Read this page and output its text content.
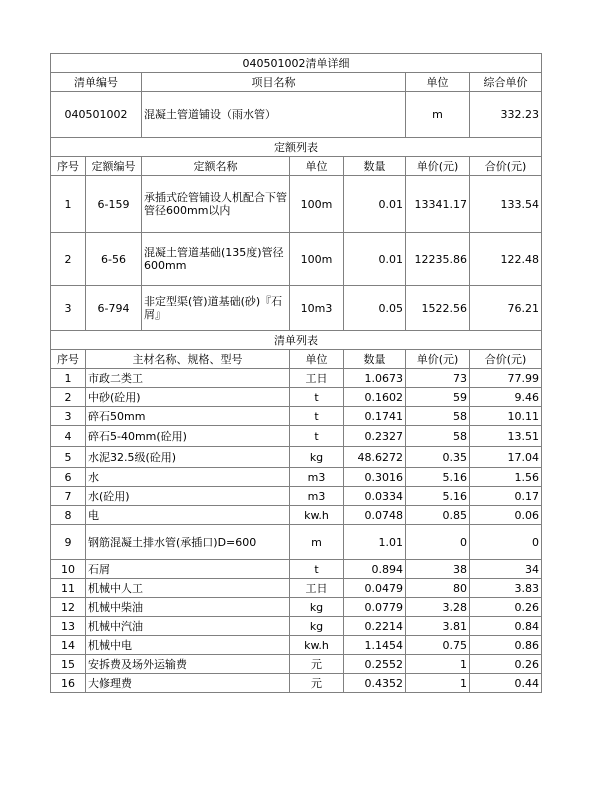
040501002清单详细						
清单编号		项目名称			单位	综合单价
040501002		混凝土管道铺设（雨水管）			m	332.23
定额列表						
序号	定额编号	定额名称	单位	数量	单价(元)	合价(元)
1	6-159	承插式砼管铺设人机配合下管管径600mm以内	100m	0.01	13341.17	133.54
2	6-56	混凝土管道基础(135度)管径600mm	100m	0.01	12235.86	122.48
3	6-794	非定型渠(管)道基础(砂)『石屑』	10m3	0.05	1522.56	76.21
清单列表						
序号	主材名称、规格、型号		单位	数量	单价(元)	合价(元)
1	市政二类工		工日	1.0673	73	77.99
2	中砂(砼用)		t	0.1602	59	9.46
3	碎石50mm		t	0.1741	58	10.11
4	碎石5-40mm(砼用)		t	0.2327	58	13.51
5	水泥32.5级(砼用)		kg	48.6272	0.35	17.04
6	水		m3	0.3016	5.16	1.56
7	水(砼用)		m3	0.0334	5.16	0.17
8	电		kw.h	0.0748	0.85	0.06
9	钢筋混凝土排水管(承插口)D=600		m	1.01	0	0
10	石屑		t	0.894	38	34
11	机械中人工		工日	0.0479	80	3.83
12	机械中柴油		kg	0.0779	3.28	0.26
13	机械中汽油		kg	0.2214	3.81	0.84
14	机械中电		kw.h	1.1454	0.75	0.86
15	安拆费及场外运输费		元	0.2552	1	0.26
16	大修理费		元	0.4352	1	0.44
